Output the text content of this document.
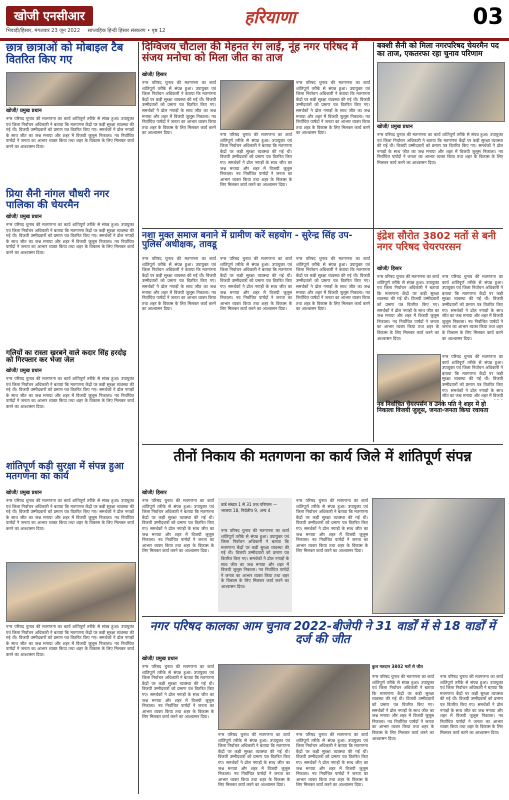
खोजी एनसीआर
भिवाड़ी/हिसार, मंगलवार 23 जून 2022 साप्ताहिक हिन्दी हिसार संस्करण • पृष्ठ 12
हरियाणा	03
छात्र छात्राओं को मोबाइल टैब वितरित किए गए
खोजी/ प्रमुख प्रधान
नगर परिषद चुनाव की मतगणना का कार्य शांतिपूर्ण तरीके से संपन्न हुआ। उपायुक्त एवं जिला निर्वाचन अधिकारी ने बताया कि मतगणना केंद्रों पर कड़ी सुरक्षा व्यवस्था की गई थी। विजयी उम्मीदवारों को प्रमाण पत्र वितरित किए गए। समर्थकों ने ढोल नगाड़ों के साथ जीत का जश्न मनाया और शहर में विजयी जुलूस निकाला। नव निर्वाचित पार्षदों ने जनता का आभार व्यक्त किया तथा शहर के विकास के लिए मिलकर कार्य करने का आश्वासन दिया।
प्रिया सैनी नांगल चौधरी नगर पालिका की चेयरमैन
खोजी/ प्रमुख प्रधान
नगर परिषद चुनाव की मतगणना का कार्य शांतिपूर्ण तरीके से संपन्न हुआ। उपायुक्त एवं जिला निर्वाचन अधिकारी ने बताया कि मतगणना केंद्रों पर कड़ी सुरक्षा व्यवस्था की गई थी। विजयी उम्मीदवारों को प्रमाण पत्र वितरित किए गए। समर्थकों ने ढोल नगाड़ों के साथ जीत का जश्न मनाया और शहर में विजयी जुलूस निकाला। नव निर्वाचित पार्षदों ने जनता का आभार व्यक्त किया तथा शहर के विकास के लिए मिलकर कार्य करने का आश्वासन दिया।
गलियों का रास्ता खरबने वाले कदार सिंह हरदोइ को गिरफ्तार कर भेजा जेल
खोजी/ प्रमुख प्रधान
नगर परिषद चुनाव की मतगणना का कार्य शांतिपूर्ण तरीके से संपन्न हुआ। उपायुक्त एवं जिला निर्वाचन अधिकारी ने बताया कि मतगणना केंद्रों पर कड़ी सुरक्षा व्यवस्था की गई थी। विजयी उम्मीदवारों को प्रमाण पत्र वितरित किए गए। समर्थकों ने ढोल नगाड़ों के साथ जीत का जश्न मनाया और शहर में विजयी जुलूस निकाला। नव निर्वाचित पार्षदों ने जनता का आभार व्यक्त किया तथा शहर के विकास के लिए मिलकर कार्य करने का आश्वासन दिया।
शांतिपूर्ण कड़ी सुरक्षा में संपन्न हुआ मतगणना का कार्य
खोजी/ प्रमुख प्रधान
नगर परिषद चुनाव की मतगणना का कार्य शांतिपूर्ण तरीके से संपन्न हुआ। उपायुक्त एवं जिला निर्वाचन अधिकारी ने बताया कि मतगणना केंद्रों पर कड़ी सुरक्षा व्यवस्था की गई थी। विजयी उम्मीदवारों को प्रमाण पत्र वितरित किए गए। समर्थकों ने ढोल नगाड़ों के साथ जीत का जश्न मनाया और शहर में विजयी जुलूस निकाला। नव निर्वाचित पार्षदों ने जनता का आभार व्यक्त किया तथा शहर के विकास के लिए मिलकर कार्य करने का आश्वासन दिया।
नगर परिषद चुनाव की मतगणना का कार्य शांतिपूर्ण तरीके से संपन्न हुआ। उपायुक्त एवं जिला निर्वाचन अधिकारी ने बताया कि मतगणना केंद्रों पर कड़ी सुरक्षा व्यवस्था की गई थी। विजयी उम्मीदवारों को प्रमाण पत्र वितरित किए गए। समर्थकों ने ढोल नगाड़ों के साथ जीत का जश्न मनाया और शहर में विजयी जुलूस निकाला। नव निर्वाचित पार्षदों ने जनता का आभार व्यक्त किया तथा शहर के विकास के लिए मिलकर कार्य करने का आश्वासन दिया।
दिग्विजय चौटाला की मेहनत रंग लाई, नूंह नगर परिषद में संजय मनोचा को मिला जीत का ताज
खोजी/ हिसार
नगर परिषद चुनाव की मतगणना का कार्य शांतिपूर्ण तरीके से संपन्न हुआ। उपायुक्त एवं जिला निर्वाचन अधिकारी ने बताया कि मतगणना केंद्रों पर कड़ी सुरक्षा व्यवस्था की गई थी। विजयी उम्मीदवारों को प्रमाण पत्र वितरित किए गए। समर्थकों ने ढोल नगाड़ों के साथ जीत का जश्न मनाया और शहर में विजयी जुलूस निकाला। नव निर्वाचित पार्षदों ने जनता का आभार व्यक्त किया तथा शहर के विकास के लिए मिलकर कार्य करने का आश्वासन दिया।	नगर परिषद चुनाव की मतगणना का कार्य शांतिपूर्ण तरीके से संपन्न हुआ। उपायुक्त एवं जिला निर्वाचन अधिकारी ने बताया कि मतगणना केंद्रों पर कड़ी सुरक्षा व्यवस्था की गई थी। विजयी उम्मीदवारों को प्रमाण पत्र वितरित किए गए। समर्थकों ने ढोल नगाड़ों के साथ जीत का जश्न मनाया और शहर में विजयी जुलूस निकाला। नव निर्वाचित पार्षदों ने जनता का आभार व्यक्त किया तथा शहर के विकास के लिए मिलकर कार्य करने का आश्वासन दिया।
नगर परिषद चुनाव की मतगणना का कार्य शांतिपूर्ण तरीके से संपन्न हुआ। उपायुक्त एवं जिला निर्वाचन अधिकारी ने बताया कि मतगणना केंद्रों पर कड़ी सुरक्षा व्यवस्था की गई थी। विजयी उम्मीदवारों को प्रमाण पत्र वितरित किए गए। समर्थकों ने ढोल नगाड़ों के साथ जीत का जश्न मनाया और शहर में विजयी जुलूस निकाला। नव निर्वाचित पार्षदों ने जनता का आभार व्यक्त किया तथा शहर के विकास के लिए मिलकर कार्य करने का आश्वासन दिया।
बक्शी सैनी को मिला नगरपरिषद चेयरमैन पद का ताज, एकतरफा रहा चुनाव परिणाम
खोजी/ प्रमुख प्रधान
नगर परिषद चुनाव की मतगणना का कार्य शांतिपूर्ण तरीके से संपन्न हुआ। उपायुक्त एवं जिला निर्वाचन अधिकारी ने बताया कि मतगणना केंद्रों पर कड़ी सुरक्षा व्यवस्था की गई थी। विजयी उम्मीदवारों को प्रमाण पत्र वितरित किए गए। समर्थकों ने ढोल नगाड़ों के साथ जीत का जश्न मनाया और शहर में विजयी जुलूस निकाला। नव निर्वाचित पार्षदों ने जनता का आभार व्यक्त किया तथा शहर के विकास के लिए मिलकर कार्य करने का आश्वासन दिया।
नशा मुक्त समाज बनाने में ग्रामीण करें सहयोग - सुरेन्द्र सिंह उप-पुलिस अधीक्षक, तावडू
नगर परिषद चुनाव की मतगणना का कार्य शांतिपूर्ण तरीके से संपन्न हुआ। उपायुक्त एवं जिला निर्वाचन अधिकारी ने बताया कि मतगणना केंद्रों पर कड़ी सुरक्षा व्यवस्था की गई थी। विजयी उम्मीदवारों को प्रमाण पत्र वितरित किए गए। समर्थकों ने ढोल नगाड़ों के साथ जीत का जश्न मनाया और शहर में विजयी जुलूस निकाला। नव निर्वाचित पार्षदों ने जनता का आभार व्यक्त किया तथा शहर के विकास के लिए मिलकर कार्य करने का आश्वासन दिया।
नगर परिषद चुनाव की मतगणना का कार्य शांतिपूर्ण तरीके से संपन्न हुआ। उपायुक्त एवं जिला निर्वाचन अधिकारी ने बताया कि मतगणना केंद्रों पर कड़ी सुरक्षा व्यवस्था की गई थी। विजयी उम्मीदवारों को प्रमाण पत्र वितरित किए गए। समर्थकों ने ढोल नगाड़ों के साथ जीत का जश्न मनाया और शहर में विजयी जुलूस निकाला। नव निर्वाचित पार्षदों ने जनता का आभार व्यक्त किया तथा शहर के विकास के लिए मिलकर कार्य करने का आश्वासन दिया।
नगर परिषद चुनाव की मतगणना का कार्य शांतिपूर्ण तरीके से संपन्न हुआ। उपायुक्त एवं जिला निर्वाचन अधिकारी ने बताया कि मतगणना केंद्रों पर कड़ी सुरक्षा व्यवस्था की गई थी। विजयी उम्मीदवारों को प्रमाण पत्र वितरित किए गए। समर्थकों ने ढोल नगाड़ों के साथ जीत का जश्न मनाया और शहर में विजयी जुलूस निकाला। नव निर्वाचित पार्षदों ने जनता का आभार व्यक्त किया तथा शहर के विकास के लिए मिलकर कार्य करने का आश्वासन दिया।
इंद्रेश सौरोत 3802 मतों से बनी नगर परिषद चेयरपरसन
खोजी/ हिसार
नगर परिषद चुनाव की मतगणना का कार्य शांतिपूर्ण तरीके से संपन्न हुआ। उपायुक्त एवं जिला निर्वाचन अधिकारी ने बताया कि मतगणना केंद्रों पर कड़ी सुरक्षा व्यवस्था की गई थी। विजयी उम्मीदवारों को प्रमाण पत्र वितरित किए गए। समर्थकों ने ढोल नगाड़ों के साथ जीत का जश्न मनाया और शहर में विजयी जुलूस निकाला। नव निर्वाचित पार्षदों ने जनता का आभार व्यक्त किया तथा शहर के विकास के लिए मिलकर कार्य करने का आश्वासन दिया।
नगर परिषद चुनाव की मतगणना का कार्य शांतिपूर्ण तरीके से संपन्न हुआ। उपायुक्त एवं जिला निर्वाचन अधिकारी ने बताया कि मतगणना केंद्रों पर कड़ी सुरक्षा व्यवस्था की गई थी। विजयी उम्मीदवारों को प्रमाण पत्र वितरित किए गए। समर्थकों ने ढोल नगाड़ों के साथ जीत का जश्न मनाया और शहर में विजयी जुलूस निकाला। नव निर्वाचित पार्षदों ने जनता का आभार व्यक्त किया तथा शहर के विकास के लिए मिलकर कार्य करने का आश्वासन दिया।
नगर परिषद चुनाव की मतगणना का कार्य शांतिपूर्ण तरीके से संपन्न हुआ। उपायुक्त एवं जिला निर्वाचन अधिकारी ने बताया कि मतगणना केंद्रों पर कड़ी सुरक्षा व्यवस्था की गई थी। विजयी उम्मीदवारों को प्रमाण पत्र वितरित किए गए। समर्थकों ने ढोल नगाड़ों के साथ जीत का जश्न मनाया और शहर में विजयी
नव निर्वाचित चेयरपर्सन व उनके पति ने शहर में हो निकाला विजयी जुलूस, जनता-जनता किया रवायता
तीनों निकाय की मतगणना का कार्य जिले में शांतिपूर्ण संपन्न
खोजी/ हिसार
नगर परिषद चुनाव की मतगणना का कार्य शांतिपूर्ण तरीके से संपन्न हुआ। उपायुक्त एवं जिला निर्वाचन अधिकारी ने बताया कि मतगणना केंद्रों पर कड़ी सुरक्षा व्यवस्था की गई थी। विजयी उम्मीदवारों को प्रमाण पत्र वितरित किए गए। समर्थकों ने ढोल नगाड़ों के साथ जीत का जश्न मनाया और शहर में विजयी जुलूस निकाला। नव निर्वाचित पार्षदों ने जनता का आभार व्यक्त किया तथा शहर के विकास के लिए मिलकर कार्य करने का आश्वासन दिया।
वार्ड संख्या 1 से 31 तक परिणाम — भाजपा 18, निर्दलीय 9, अन्य 4
नगर परिषद चुनाव की मतगणना का कार्य शांतिपूर्ण तरीके से संपन्न हुआ। उपायुक्त एवं जिला निर्वाचन अधिकारी ने बताया कि मतगणना केंद्रों पर कड़ी सुरक्षा व्यवस्था की गई थी। विजयी उम्मीदवारों को प्रमाण पत्र वितरित किए गए। समर्थकों ने ढोल नगाड़ों के साथ जीत का जश्न मनाया और शहर में विजयी जुलूस निकाला। नव निर्वाचित पार्षदों ने जनता का आभार व्यक्त किया तथा शहर के विकास के लिए मिलकर कार्य करने का आश्वासन दिया।
नगर परिषद चुनाव की मतगणना का कार्य शांतिपूर्ण तरीके से संपन्न हुआ। उपायुक्त एवं जिला निर्वाचन अधिकारी ने बताया कि मतगणना केंद्रों पर कड़ी सुरक्षा व्यवस्था की गई थी। विजयी उम्मीदवारों को प्रमाण पत्र वितरित किए गए। समर्थकों ने ढोल नगाड़ों के साथ जीत का जश्न मनाया और शहर में विजयी जुलूस निकाला। नव निर्वाचित पार्षदों ने जनता का आभार व्यक्त किया तथा शहर के विकास के लिए मिलकर कार्य करने का आश्वासन दिया।
नगर परिषद कालका आम चुनाव 2022-बीजेपी ने 31 वार्डों में से 18 वार्डों में दर्ज की जीत
खोजी/ प्रमुख प्रधान
नगर परिषद चुनाव की मतगणना का कार्य शांतिपूर्ण तरीके से संपन्न हुआ। उपायुक्त एवं जिला निर्वाचन अधिकारी ने बताया कि मतगणना केंद्रों पर कड़ी सुरक्षा व्यवस्था की गई थी। विजयी उम्मीदवारों को प्रमाण पत्र वितरित किए गए। समर्थकों ने ढोल नगाड़ों के साथ जीत का जश्न मनाया और शहर में विजयी जुलूस निकाला। नव निर्वाचित पार्षदों ने जनता का आभार व्यक्त किया तथा शहर के विकास के लिए मिलकर कार्य करने का आश्वासन दिया।
नगर परिषद चुनाव की मतगणना का कार्य शांतिपूर्ण तरीके से संपन्न हुआ। उपायुक्त एवं जिला निर्वाचन अधिकारी ने बताया कि मतगणना केंद्रों पर कड़ी सुरक्षा व्यवस्था की गई थी। विजयी उम्मीदवारों को प्रमाण पत्र वितरित किए गए। समर्थकों ने ढोल नगाड़ों के साथ जीत का जश्न मनाया और शहर में विजयी जुलूस निकाला। नव निर्वाचित पार्षदों ने जनता का आभार व्यक्त किया तथा शहर के विकास के लिए मिलकर कार्य करने का आश्वासन दिया।
नगर परिषद चुनाव की मतगणना का कार्य शांतिपूर्ण तरीके से संपन्न हुआ। उपायुक्त एवं जिला निर्वाचन अधिकारी ने बताया कि मतगणना केंद्रों पर कड़ी सुरक्षा व्यवस्था की गई थी। विजयी उम्मीदवारों को प्रमाण पत्र वितरित किए गए। समर्थकों ने ढोल नगाड़ों के साथ जीत का जश्न मनाया और शहर में विजयी जुलूस निकाला। नव निर्वाचित पार्षदों ने जनता का आभार व्यक्त किया तथा शहर के विकास के लिए मिलकर कार्य करने का आश्वासन दिया।
कुल मतदान 3802 मतों से जीत
नगर परिषद चुनाव की मतगणना का कार्य शांतिपूर्ण तरीके से संपन्न हुआ। उपायुक्त एवं जिला निर्वाचन अधिकारी ने बताया कि मतगणना केंद्रों पर कड़ी सुरक्षा व्यवस्था की गई थी। विजयी उम्मीदवारों को प्रमाण पत्र वितरित किए गए। समर्थकों ने ढोल नगाड़ों के साथ जीत का जश्न मनाया और शहर में विजयी जुलूस निकाला। नव निर्वाचित पार्षदों ने जनता का आभार व्यक्त किया तथा शहर के विकास के लिए मिलकर कार्य करने का आश्वासन दिया।
नगर परिषद चुनाव की मतगणना का कार्य शांतिपूर्ण तरीके से संपन्न हुआ। उपायुक्त एवं जिला निर्वाचन अधिकारी ने बताया कि मतगणना केंद्रों पर कड़ी सुरक्षा व्यवस्था की गई थी। विजयी उम्मीदवारों को प्रमाण पत्र वितरित किए गए। समर्थकों ने ढोल नगाड़ों के साथ जीत का जश्न मनाया और शहर में विजयी जुलूस निकाला। नव निर्वाचित पार्षदों ने जनता का आभार व्यक्त किया तथा शहर के विकास के लिए मिलकर कार्य करने का आश्वासन दिया।
